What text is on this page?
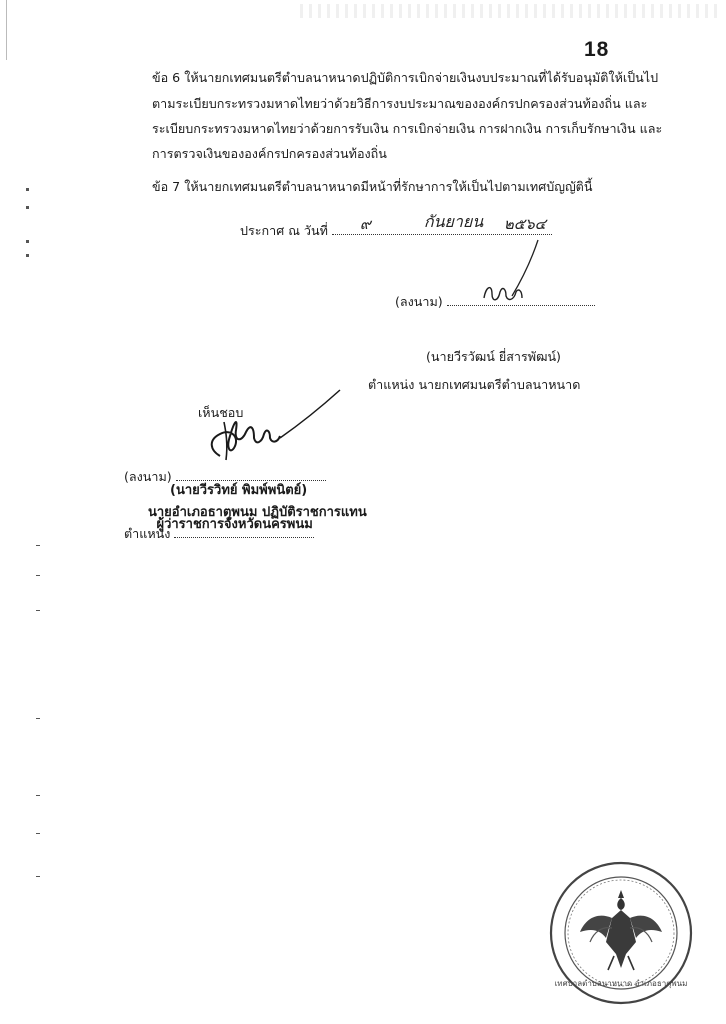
18
ข้อ 6 ให้นายกเทศมนตรีตำบลนาหนาดปฏิบัติการเบิกจ่ายเงินงบประมาณที่ได้รับอนุมัติให้เป็นไป
ตามระเบียบกระทรวงมหาดไทยว่าด้วยวิธีการงบประมาณขององค์กรปกครองส่วนท้องถิ่น และ
ระเบียบกระทรวงมหาดไทยว่าด้วยการรับเงิน การเบิกจ่ายเงิน การฝากเงิน การเก็บรักษาเงิน และ
การตรวจเงินขององค์กรปกครองส่วนท้องถิ่น
ข้อ 7 ให้นายกเทศมนตรีตำบลนาหนาดมีหน้าที่รักษาการให้เป็นไปตามเทศบัญญัตินี้
ประกาศ ณ วันที่ ๙	กันยายน ๒๕๖๔
(ลงนาม)
(นายวีรวัฒน์ ยี่สารพัฒน์)
ตำแหน่ง นายกเทศมนตรีตำบลนาหนาด
เห็นชอบ
(ลงนาม)
(นายวีรวิทย์ พิมพ์พนิตย์)
นายอำเภอธาตุพนม ปฏิบัติราชการแทน
ตำแหน่ง
ผู้ว่าราชการจังหวัดนครพนม
เทศบาลตำบลนาหนาด อำเภอธาตุพนม
